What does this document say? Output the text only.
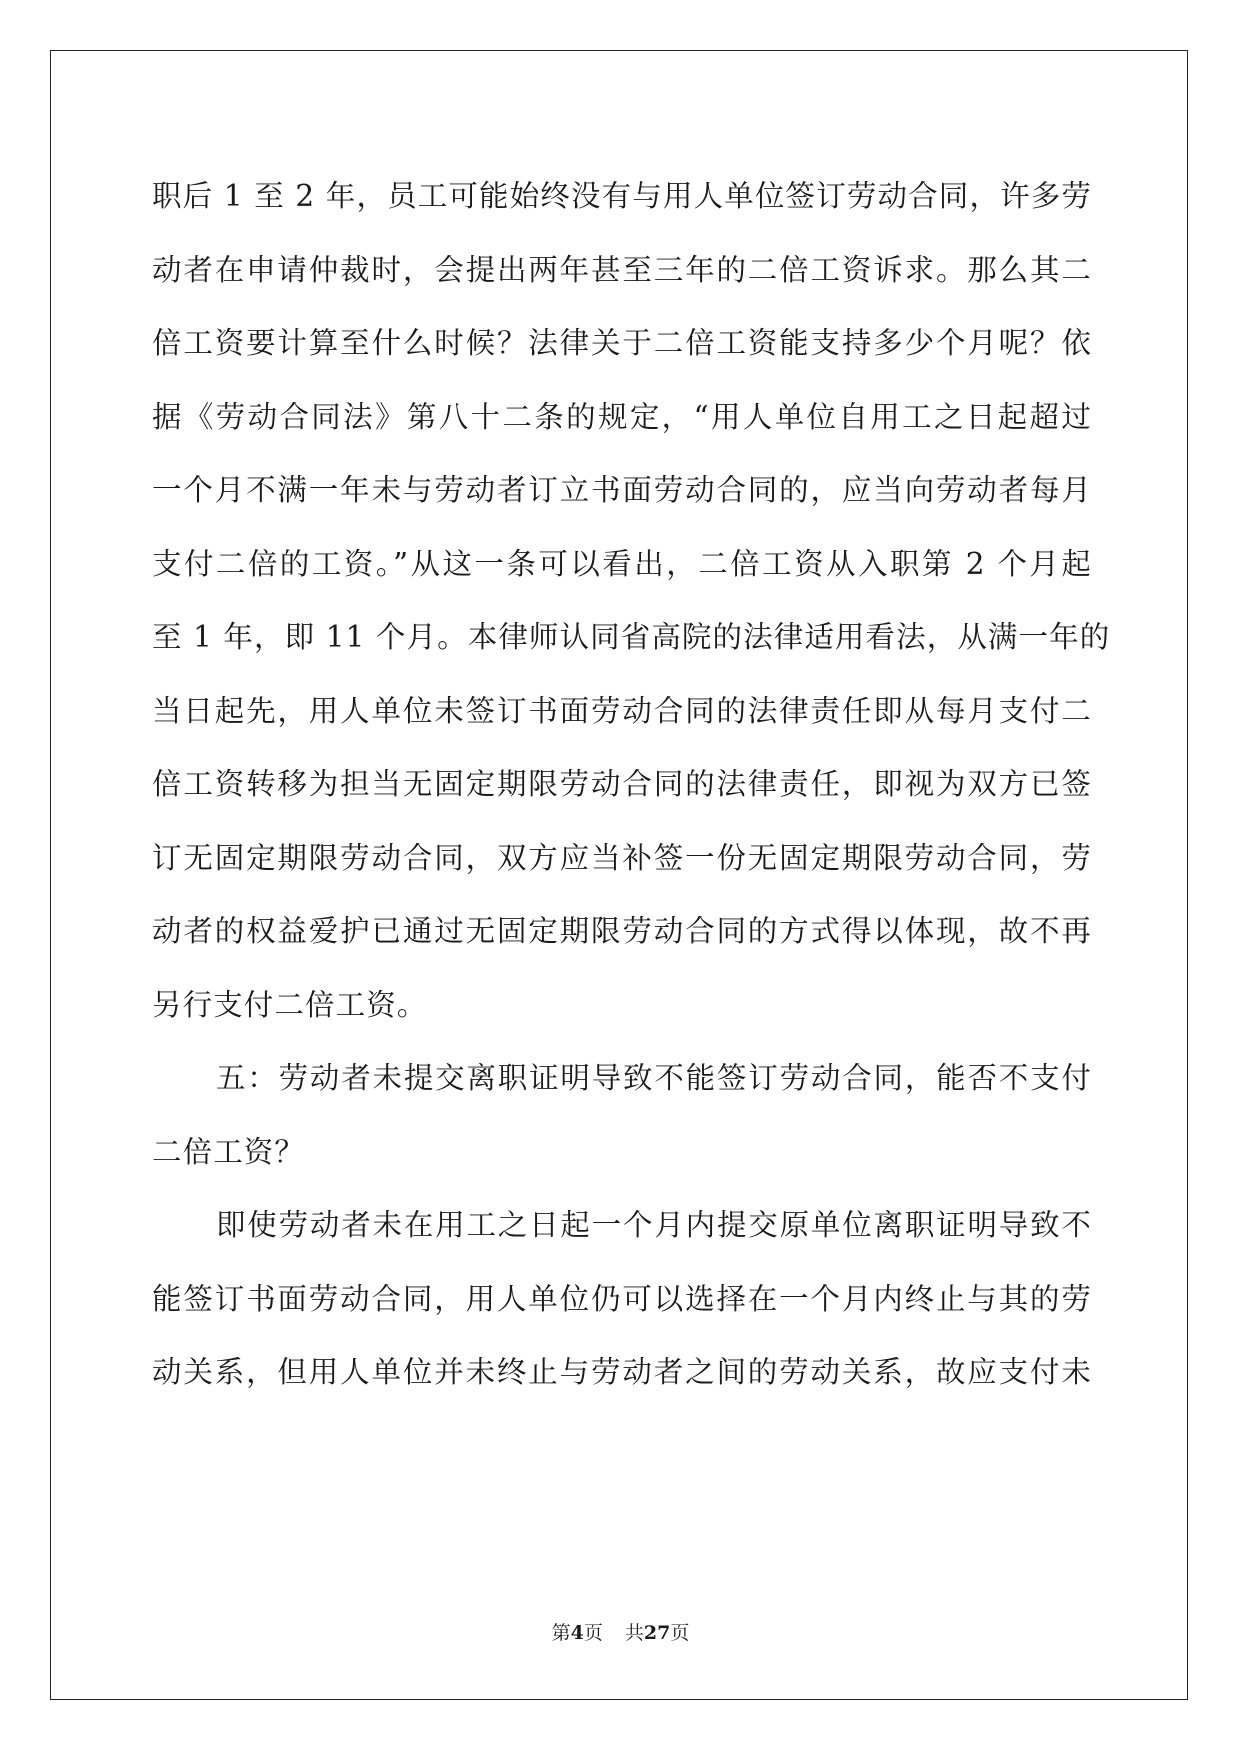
职后 1 至 2 年，员工可能始终没有与用人单位签订劳动合同，许多劳
动者在申请仲裁时，会提出两年甚至三年的二倍工资诉求。那么其二
倍工资要计算至什么时候？法律关于二倍工资能支持多少个月呢？依
据《劳动合同法》第八十二条的规定，“用人单位自用工之日起超过
一个月不满一年未与劳动者订立书面劳动合同的，应当向劳动者每月
支付二倍的工资。”从这一条可以看出，二倍工资从入职第 2 个月起
至 1 年，即 11 个月。本律师认同省高院的法律适用看法，从满一年的
当日起先，用人单位未签订书面劳动合同的法律责任即从每月支付二
倍工资转移为担当无固定期限劳动合同的法律责任，即视为双方已签
订无固定期限劳动合同，双方应当补签一份无固定期限劳动合同，劳
动者的权益爱护已通过无固定期限劳动合同的方式得以体现，故不再
另行支付二倍工资。
五：劳动者未提交离职证明导致不能签订劳动合同，能否不支付
二倍工资？
即使劳动者未在用工之日起一个月内提交原单位离职证明导致不
能签订书面劳动合同，用人单位仍可以选择在一个月内终止与其的劳
动关系，但用人单位并未终止与劳动者之间的劳动关系，故应支付未
第4页 共27页
